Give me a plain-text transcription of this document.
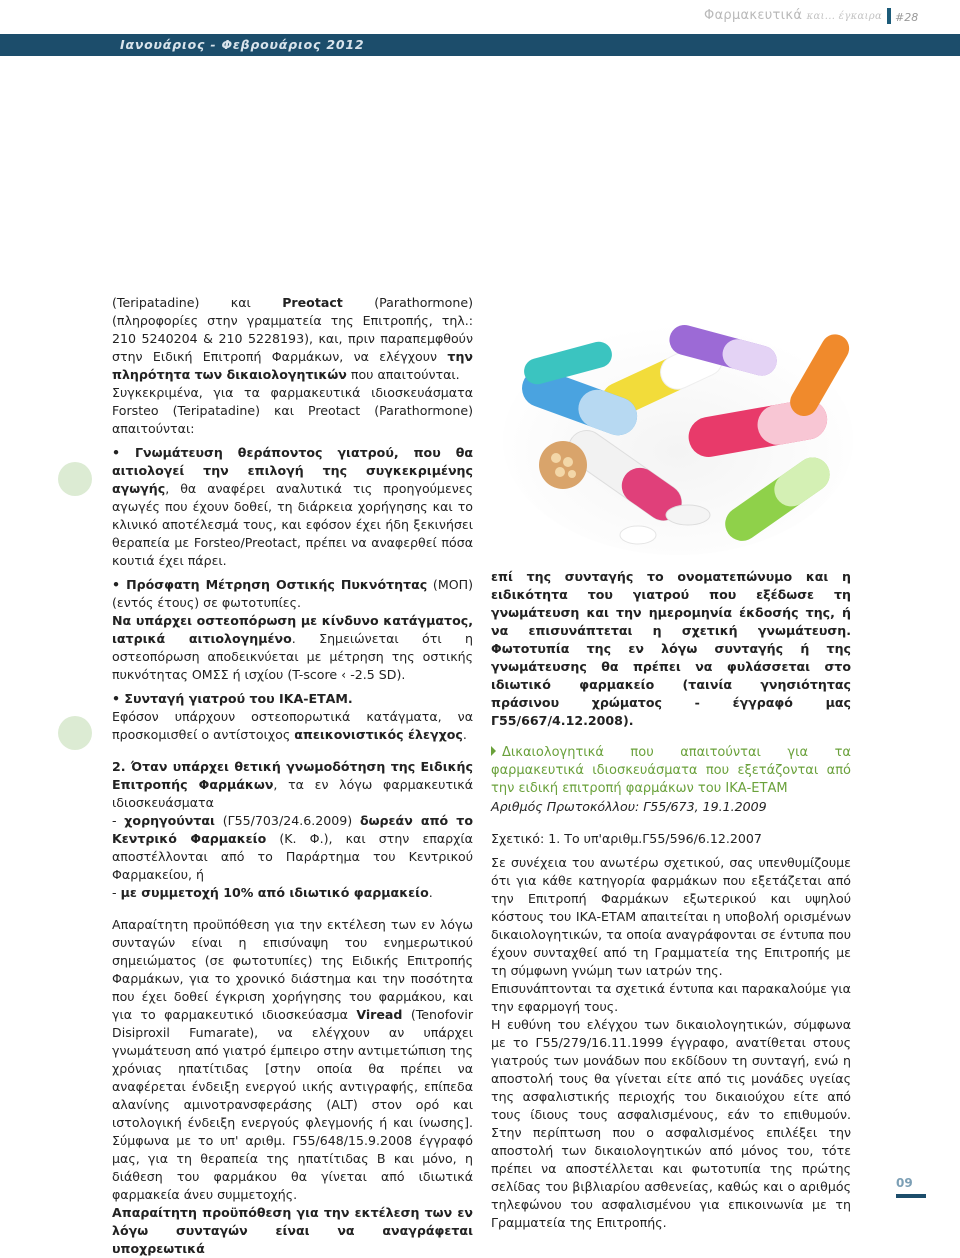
Φαρμακευτικά και... έγκαιρα #28
Ιανουάριος - Φεβρουάριος 2012

(Teripatadine) και Preotact (Parathormone) (πληροφορίες στην γραμματεία της Επιτροπής, τηλ.: 210 5240204 & 210 5228193), και, πριν παραπεμφθούν στην Ειδική Επιτροπή Φαρμάκων, να ελέγχουν την πληρότητα των δικαιολογητικών που απαιτούνται.

Συγκεκριμένα, για τα φαρμακευτικά ιδιοσκευάσματα Forsteo (Teripatadine) και Preotact (Parathormone) απαιτούνται:

• Γνωμάτευση θεράποντος γιατρού, που θα αιτιολογεί την επιλογή της συγκεκριμένης αγωγής, θα αναφέρει αναλυτικά τις προηγούμενες αγωγές που έχουν δοθεί, τη διάρκεια χορήγησης και το κλινικό αποτέλεσμά τους, και εφόσον έχει ήδη ξεκινήσει θεραπεία με Forsteo/Preotact, πρέπει να αναφερθεί πόσα κουτιά έχει πάρει.

• Πρόσφατη Μέτρηση Οστικής Πυκνότητας (ΜΟΠ) (εντός έτους) σε φωτοτυπίες.

Να υπάρχει οστεοπόρωση με κίνδυνο κατάγματος, ιατρικά αιτιολογημένο. Σημειώνεται ότι η οστεοπόρωση αποδεικνύεται με μέτρηση της οστικής πυκνότητας ΟΜΣΣ ή ισχίου (T-score ‹ -2.5 SD).

• Συνταγή γιατρού του ΙΚΑ-ΕΤΑΜ.

Εφόσον υπάρχουν οστεοπορωτικά κατάγματα, να προσκομισθεί ο αντίστοιχος απεικονιστικός έλεγχος.

2. Όταν υπάρχει θετική γνωμοδότηση της Ειδικής Επιτροπής Φαρμάκων, τα εν λόγω φαρμακευτικά ιδιοσκευάσματα

- χορηγούνται (Γ55/703/24.6.2009) δωρεάν από το Κεντρικό Φαρμακείο (Κ. Φ.), και στην επαρχία αποστέλλονται από το Παράρτημα του Κεντρικού Φαρμακείου, ή

- με συμμετοχή 10% από ιδιωτικό φαρμακείο.

Απαραίτητη προϋπόθεση για την εκτέλεση των εν λόγω συνταγών είναι η επισύναψη του ενημερωτικού σημειώματος (σε φωτοτυπίες) της Ειδικής Επιτροπής Φαρμάκων, για το χρονικό διάστημα και την ποσότητα που έχει δοθεί έγκριση χορήγησης του φαρμάκου, και για το φαρμακευτικό ιδιοσκεύασμα Viread (Tenofovir Disiproxil Fumarate), να ελέγχουν αν υπάρχει γνωμάτευση από γιατρό έμπειρο στην αντιμετώπιση της χρόνιας ηπατίτιδας [στην οποία θα πρέπει να αναφέρεται ένδειξη ενεργού ιικής αντιγραφής, επίπεδα αλανίνης αμινοτρανσφεράσης (ALT) στον ορό και ιστολογική ένδειξη ενεργούς φλεγμονής ή και ίνωσης]. Σύμφωνα με το υπ' αριθμ. Γ55/648/15.9.2008 έγγραφό μας, για τη θεραπεία της ηπατίτιδας Β και μόνο, η διάθεση του φαρμάκου θα γίνεται από ιδιωτικά φαρμακεία άνευ συμμετοχής.

Απαραίτητη προϋπόθεση για την εκτέλεση των εν λόγω συνταγών είναι να αναγράφεται υποχρεωτικά

επί της συνταγής το ονοματεπώνυμο και η ειδικότητα του γιατρού που εξέδωσε τη γνωμάτευση και την ημερομηνία έκδοσής της, ή να επισυνάπτεται η σχετική γνωμάτευση. Φωτοτυπία της εν λόγω συνταγής ή της γνωμάτευσης θα πρέπει να φυλάσσεται στο ιδιωτικό φαρμακείο (ταινία γνησιότητας πράσινου χρώματος - έγγραφό μας Γ55/667/4.12.2008).

Δικαιολογητικά που απαιτούνται για τα φαρμακευτικά ιδιοσκευάσματα που εξετάζονται από την ειδική επιτροπή φαρμάκων του ΙΚΑ-ΕΤΑΜ

Αριθμός Πρωτοκόλλου: Γ55/673, 19.1.2009

Σχετικό: 1. Το υπ'αριθμ.Γ55/596/6.12.2007

Σε συνέχεια του ανωτέρω σχετικού, σας υπενθυμίζουμε ότι για κάθε κατηγορία φαρμάκων που εξετάζεται από την Επιτροπή Φαρμάκων εξωτερικού και υψηλού κόστους του ΙΚΑ-ΕΤΑΜ απαιτείται η υποβολή ορισμένων δικαιολογητικών, τα οποία αναγράφονται σε έντυπα που έχουν συνταχθεί από τη Γραμματεία της Επιτροπής με τη σύμφωνη γνώμη των ιατρών της.

Επισυνάπτονται τα σχετικά έντυπα και παρακαλούμε για την εφαρμογή τους.

Η ευθύνη του ελέγχου των δικαιολογητικών, σύμφωνα με το Γ55/279/16.11.1999 έγγραφο, ανατίθεται στους γιατρούς των μονάδων που εκδίδουν τη συνταγή, ενώ η αποστολή τους θα γίνεται είτε από τις μονάδες υγείας της ασφαλιστικής περιοχής του δικαιούχου είτε από τους ίδιους τους ασφαλισμένους, εάν το επιθυμούν. Στην περίπτωση που ο ασφαλισμένος επιλέξει την αποστολή των δικαιολογητικών από μόνος του, τότε πρέπει να αποστέλλεται και φωτοτυπία της πρώτης σελίδας του βιβλιαρίου ασθενείας, καθώς και ο αριθμός τηλεφώνου του ασφαλισμένου για επικοινωνία με τη Γραμματεία της Επιτροπής.

09
